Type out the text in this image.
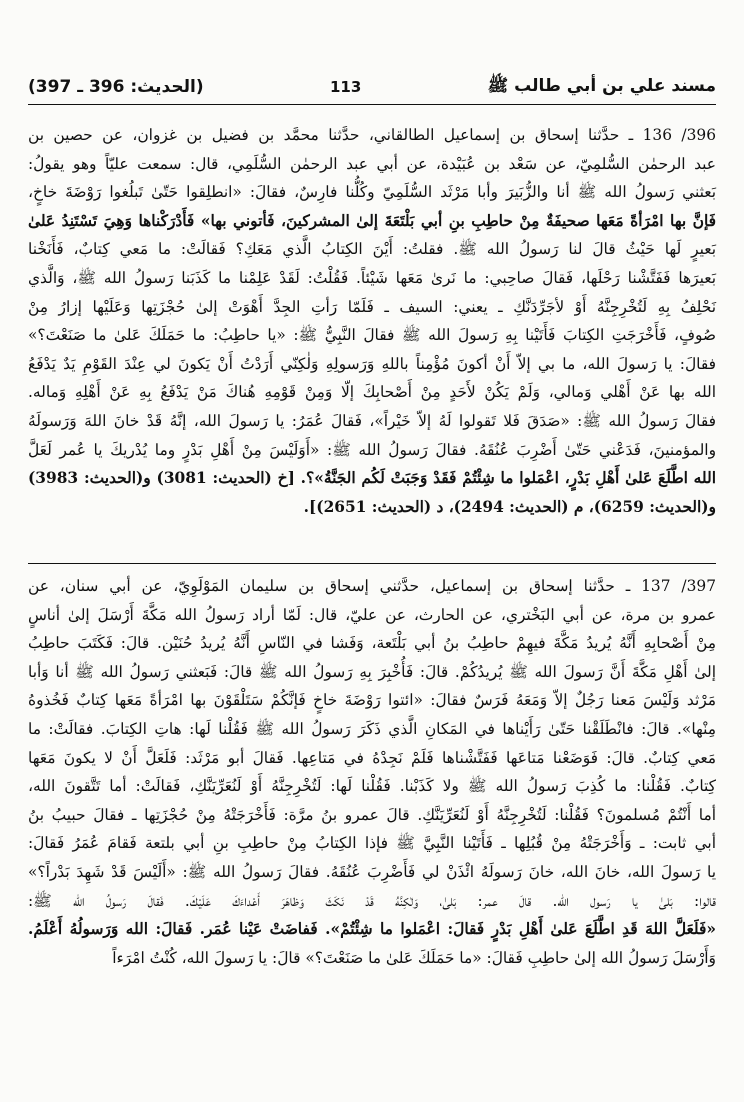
مسند علي بن أبي طالب ﷺ
113
(الحديث: 396 ـ 397)

396/ 136 ـ حدَّثنا إسحاق بن إسماعيل الطالقاني، حدَّثنا محمَّد بن فضيل بن غزوان، عن حصين بن

عبد الرحمٰن السُّلمِيّ، عن سَعْد بن عُبَيْدة، عن أبي عبد الرحمٰن السُّلَمِي، قال: سمعت عليّاً وهو يقولُ:

بَعثني رَسولُ الله ﷺ أنا والزُّبَيرَ وأبا مَرْثَد السُّلَمِيّ وكُلُّنا فارِسٌ، فقالَ: «انطلِقوا حَتّىٰ تَبلُغوا رَوْضَةَ خاخٍ،

فَإنَّ بها امْرَأةً مَعَها صحيفَةٌ مِنْ حاطِبِ بنِ أبي بَلْتَعَةَ إلىٰ المشركينَ، فَأتوني بها» فَأَدْرَكْناها وَهِيَ تَسْتَنِدُ عَلىٰ

بَعيرٍ لَها حَيْثُ قالَ لنا رَسولُ الله ﷺ. فقلتُ: أَيْنَ الكِتابُ الَّذي مَعَكِ؟ فَقالَتْ: ما مَعي كِتابٌ، فَأَنَخْنا

بَعيرَها فَفَتَّشْنا رَحْلَها، فَقالَ صاحِبي: ما نَرىٰ مَعَها شَيْئاً. فَقُلْتُ: لَقَدْ عَلِمْنا ما كَذَبَنا رَسولُ الله ﷺ، وَالَّذي

نَحْلِفُ بِهِ لَتُخْرِجِنَّهُ أَوْ لأجَرِّدَنَّكِ ـ يعني: السيف ـ فَلَمّا رَأتِ الجِدَّ أَهْوَتْ إلىٰ حُجْزَتِها وَعَلَيْها إزارُ مِنْ

صُوفٍ، فَأَخْرَجَتِ الكِتابَ فَأَتَيْنا بِهِ رَسولَ الله ﷺ فقالَ النَّبِيُّ ﷺ: «يا حاطِبُ: ما حَمَلَكَ عَلىٰ ما صَنَعْتَ؟»

فقالَ: يا رَسولَ الله، ما بي إلاّ أَنْ أكونَ مُؤْمِناً باللهِ وَرَسولِهِ وَلٰكِنّي أَرَدْتُ أَنْ يَكونَ لي عِنْدَ القَوْمِ يَدٌ يَدْفَعُ

الله بها عَنْ أَهْلي وَمالي، وَلَمْ يَكُنْ لأَحَدٍ مِنْ أَصْحابِكَ إلّا وَمِنْ قَوْمِهِ هُناكَ مَنْ يَدْفَعُ بِهِ عَنْ أَهْلِهِ وَماله.

فقالَ رَسولُ الله ﷺ: «صَدَقَ فَلا تَقولوا لَهُ إلاّ خَيْراً»، فَقالَ عُمَرُ: يا رَسولَ الله، إنَّهُ قَدْ خانَ اللهَ وَرَسولَهُ

والمؤمنينَ، فَدَعْني حَتّىٰ أَضْرِبَ عُنُقَهُ. فقالَ رَسولُ الله ﷺ: «أَوَلَيْسَ مِنْ أَهْلِ بَدْرٍ وما يُدْريكَ يا عُمر لَعَلَّ

الله اطَّلَعَ عَلىٰ أَهْلِ بَدْرٍ، اعْمَلوا ما شِئْتُمْ فَقَدْ وَجَبَتْ لَكُم الجَنَّةُ»؟. [خ (الحديث: 3081) و(الحديث: 3983)

و(الحديث: 6259)، م (الحديث: 2494)، د (الحديث: 2651)].

397/ 137 ـ حدَّثنا إسحاق بن إسماعيل، حدَّثني إسحاق بن سليمان المَوْلَوِيّ، عن أبي سنان، عن

عمرو بن مرة، عن أبي البَخْتري، عن الحارث، عن عليّ، قال: لَمّا أراد رَسولُ الله مَكَّةَ أَرْسَلَ إلىٰ أناسٍ

مِنْ أَصْحابِهِ أَنَّهُ يُريدُ مَكَّةَ فيهِمْ حاطِبُ بنُ أبي بَلْتَعة، وَفَشا في النّاسِ أَنَّهُ يُريدُ حُنَيْن. قالَ: فَكَتَبَ حاطِبُ

إلىٰ أَهْلِ مَكَّةَ أَنَّ رَسولَ الله ﷺ يُريدُكُمْ. قالَ: فَأُخْبِرَ بِهِ رَسولُ الله ﷺ قالَ: فَبَعثني رَسولُ الله ﷺ أنا وَأبا

مَرْثد وَلَيْسَ مَعنا رَجُلٌ إلاّ وَمَعَهُ فَرَسٌ فقالَ: «ائتوا رَوْضَةَ خاخٍ فَإنَّكُمْ سَتَلْقَوْنَ بها امْرَأةً مَعَها كِتابٌ فَخُذوهُ

مِنْها». قالَ: فانْطَلَقْنا حَتّىٰ رَأَيْناها في المَكانِ الَّذي ذَكَرَ رَسولُ الله ﷺ فَقُلْنا لَها: هاتِ الكِتابَ. فقالَتْ: ما

مَعي كِتابٌ. قالَ: فَوَضَعْنا مَتاعَها فَفَتَّشْناها فَلَمْ نَجِدْهُ في مَتاعِها. فَقالَ أبو مَرْثَد: فَلَعَلَّ أَنْ لا يكونَ مَعَها

كِتابٌ. فَقُلْنا: ما كُذِبَ رَسولُ الله ﷺ ولا كَذَبْنا. فَقُلْنا لَها: لَتُخْرِجِنَّهُ أَوْ لَنُعَرِّيَنَّكِ، فَقالَتْ: أما تَتَّقونَ الله،

أما أَنْتُمْ مُسلمونَ؟ فَقُلْنا: لَتُخْرِجِنَّهُ أَوْ لَنُعَرِّيَنَّكِ. قالَ عمرو بنُ مرَّة: فَأَخْرَجَتْهُ مِنْ حُجْزَتِها ـ فقالَ حبيبُ بنُ

أبي ثابت: ـ وَأَخْرَجَتْهُ مِنْ قُبُلِها ـ فَأَتَيْنا النَّبِيَّ ﷺ فإذا الكِتابُ مِنْ حاطِبِ بنِ أبي بلتعة فَقامَ عُمَرُ فَقالَ:

يا رَسولَ الله، خانَ الله، خانَ رَسولَهُ ائْذَنْ لي فَأَضْرِبَ عُنُقَهُ. فقالَ رَسولُ الله ﷺ: «أَلَيْسَ قَدْ شَهِدَ بَدْراً؟»

قالوا: بَلىٰ يا رَسول الله. قالَ عمر: بَلىٰ، وَلٰكِنَّهُ قَدْ نَكَثَ وَظاهَرَ أَعْداءَكَ عَلَيْكَ. فَقالَ رَسولُ الله ﷺ:

«فَلَعَلَّ اللهَ قَدِ اطَّلَعَ عَلىٰ أَهْلِ بَدْرٍ فَقالَ: اعْمَلوا ما شِئْتُمْ». فَفاضَتْ عَيْنا عُمَر. فَقالَ: الله وَرَسولُهُ أَعْلَمُ.

وَأَرْسَلَ رَسولُ الله إلىٰ حاطِبِ فَقالَ: «ما حَمَلَكَ عَلىٰ ما صَنَعْتَ؟» قالَ: يا رَسولَ الله، كُنْتُ امْرَءاً
